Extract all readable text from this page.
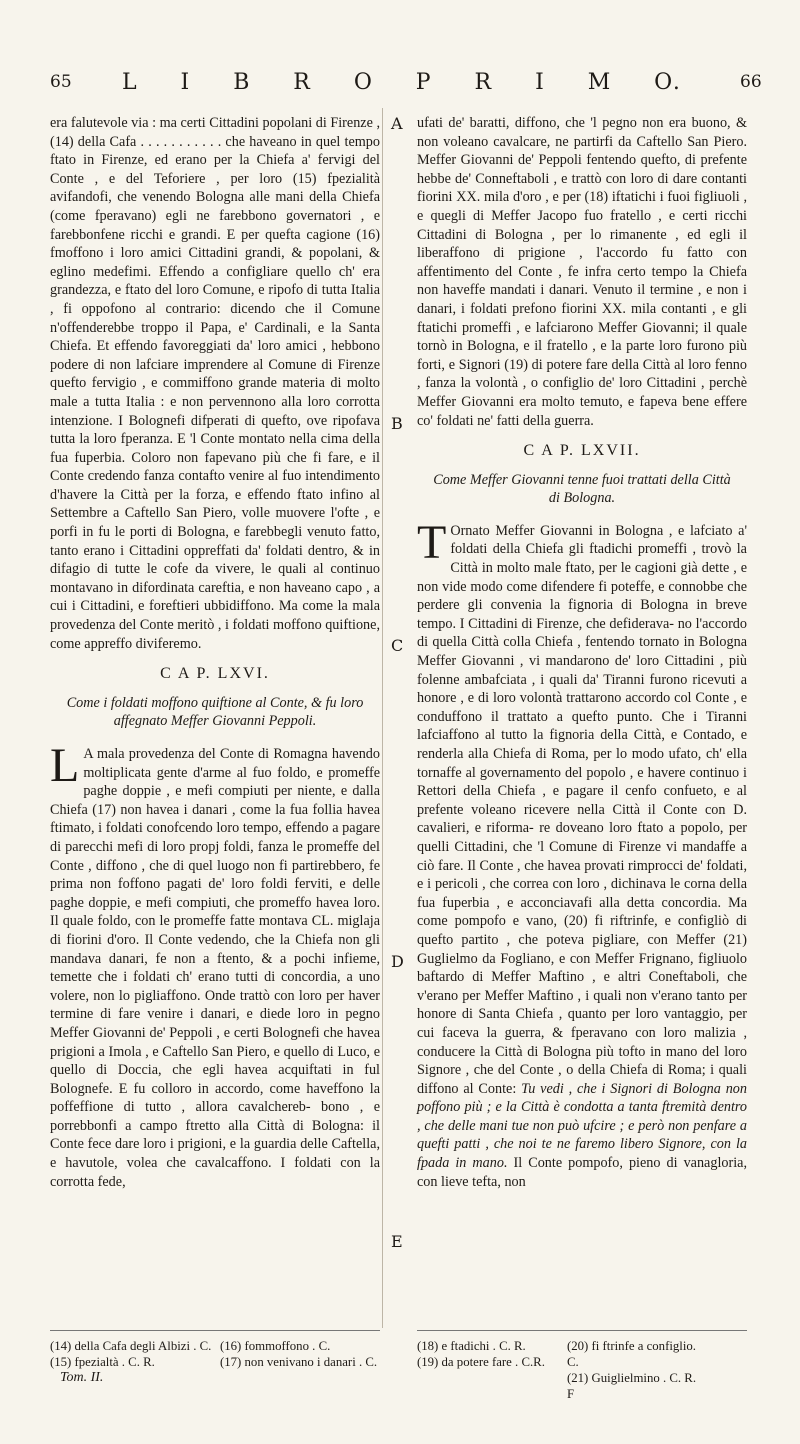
65 L I B R O P R I M O.	66
A
B
C
D
E

era falutevole via : ma certi Cittadini popolani di Firenze , (14) della Cafa . . . . . . . . . . . che haveano in quel tempo ftato in Firenze, ed erano per la Chiefa a' fervigi del Conte , e del Teforiere , per loro (15) fpezialità avifandofi, che venendo Bologna alle mani della Chiefa (come fperavano) egli ne farebbono governatori , e farebbonfene ricchi e grandi. E per quefta cagione (16) fmoffono i loro amici Cittadini grandi, & popolani, & eglino medefimi. Effendo a configliare quello ch' era grandezza, e ftato del loro Comune, e ripofo di tutta Italia , fi oppofono al contrario: dicendo che il Comune n'offenderebbe troppo il Papa, e' Cardinali, e la Santa Chiefa. Et effendo favoreggiati da' loro amici , hebbono podere di non lafciare imprendere al Comune di Firenze quefto fervigio , e commiffono grande materia di molto male a tutta Italia : e non pervennono alla loro corrotta intenzione. I Bolognefi difperati di quefto, ove ripofava tutta la loro fperanza. E 'l Conte montato nella cima della fua fuperbia. Coloro non fapevano più che fi fare, e il Conte credendo fanza contafto venire al fuo intendimento d'havere la Città per la forza, e effendo ftato infino al Settembre a Caftello San Piero, volle muovere l'ofte , e porfi in fu le porti di Bologna, e farebbegli venuto fatto, tanto erano i Cittadini oppreffati da' foldati dentro, & in difagio di tutte le cofe da vivere, le quali al continuo montavano in difordinata careftia, e non haveano capo , a cui i Cittadini, e foreftieri ubbidiffono. Ma come la mala provedenza del Conte meritò , i foldati moffono quiftione, come appreffo diviferemo.

C A P. LXVI.

Come i foldati moffono quiftione al Conte, & fu loro affegnato Meffer Giovanni Peppoli.

L A mala provedenza del Conte di Romagna havendo moltiplicata gente d'arme al fuo foldo, e promeffe paghe doppie , e mefi compiuti per niente, e dalla Chiefa (17) non havea i danari , come la fua follia havea ftimato, i foldati conofcendo loro tempo, effendo a pagare di parecchi mefi di loro propj foldi, fanza le promeffe del Conte , diffono , che di quel luogo non fi partirebbero, fe prima non foffono pagati de' loro foldi ferviti, e delle paghe doppie, e mefi compiuti, che promeffo havea loro. Il quale foldo, con le promeffe fatte montava CL. miglaja di fiorini d'oro. Il Conte vedendo, che la Chiefa non gli mandava danari, fe non a ftento, & a pochi infieme, temette che i foldati ch' erano tutti di concordia, a uno volere, non lo pigliaffono. Onde trattò con loro per haver termine di fare venire i danari, e diede loro in pegno Meffer Giovanni de' Peppoli , e certi Bolognefi che havea prigioni a Imola , e Caftello San Piero, e quello di Luco, e quello di Doccia, che egli havea acquiftati in ful Bolognefe. E fu colloro in accordo, come haveffono la poffeffione di tutto , allora cavalchereb- bono , e porrebbonfi a campo ftretto alla Città di Bologna: il Conte fece dare loro i prigioni, e la guardia delle Caftella, e havutole, volea che cavalcaffono. I foldati con la corrotta fede,

ufati de' baratti, diffono, che 'l pegno non era buono, & non voleano cavalcare, ne partirfi da Caftello San Piero. Meffer Giovanni de' Peppoli fentendo quefto, di prefente hebbe de' Conneftaboli , e trattò con loro di dare contanti fiorini XX. mila d'oro , e per (18) iftatichi i fuoi figliuoli , e quegli di Meffer Jacopo fuo fratello , e certi ricchi Cittadini di Bologna , per lo rimanente , ed egli il liberaffono di prigione , l'accordo fu fatto con affentimento del Conte , fe infra certo tempo la Chiefa non haveffe mandati i danari. Venuto il termine , e non i danari, i foldati prefono fiorini XX. mila contanti , e gli ftatichi promeffi , e lafciarono Meffer Giovanni; il quale tornò in Bologna, e il fratello , e la parte loro furono più forti, e Signori (19) di potere fare della Città al loro fenno , fanza la volontà , o configlio de' loro Cittadini , perchè Meffer Giovanni era molto temuto, e fapeva bene effere co' foldati ne' fatti della guerra.

C A P. LXVII.

Come Meffer Giovanni tenne fuoi trattati della Città di Bologna.

T Ornato Meffer Giovanni in Bologna , e lafciato a' foldati della Chiefa gli ftadichi promeffi , trovò la Città in molto male ftato, per le cagioni già dette , e non vide modo come difendere fi poteffe, e connobbe che perdere gli convenia la fignoria di Bologna in breve tempo. I Cittadini di Firenze, che defiderava- no l'accordo di quella Città colla Chiefa , fentendo tornato in Bologna Meffer Giovanni , vi mandarono de' loro Cittadini , più folenne ambafciata , i quali da' Tiranni furono ricevuti a honore , e di loro volontà trattarono accordo col Conte , e conduffono il trattato a quefto punto. Che i Tiranni lafciaffono al tutto la fignoria della Città, e Contado, e renderla alla Chiefa di Roma, per lo modo ufato, ch' ella tornaffe al governamento del popolo , e havere continuo i Rettori della Chiefa , e pagare il cenfo confueto, e al prefente voleano ricevere nella Città il Conte con D. cavalieri, e riforma- re doveano loro ftato a popolo, per quelli Cittadini, che 'l Comune di Firenze vi mandaffe a ciò fare. Il Conte , che havea provati rimprocci de' foldati, e i pericoli , che correa con loro , dichinava le corna della fua fuperbia , e acconciavafi alla detta concordia. Ma come pompofo e vano, (20) fi riftrinfe, e configliò di quefto partito , che poteva pigliare, con Meffer (21) Guglielmo da Fogliano, e con Meffer Frignano, figliuolo baftardo di Meffer Maftino , e altri Coneftaboli, che v'erano per Meffer Maftino , i quali non v'erano tanto per honore di Santa Chiefa , quanto per loro vantaggio, per cui faceva la guerra, & fperavano con loro malizia , conducere la Città di Bologna più tofto in mano del loro Signore , che del Conte , o della Chiefa di Roma; i quali diffono al Conte: Tu vedi , che i Signori di Bologna non poffono più ; e la Città è condotta a tanta ftremità dentro , che delle mani tue non può ufcire ; e però non penfare a quefti patti , che noi te ne faremo libero Signore, con la fpada in mano. Il Conte pompofo, pieno di vanagloria, con lieve tefta, non

(14) della Cafa degli Albizi . C. (16) fommoffono . C.
(15) fpezialtà . C. R.	(17) non venivano i danari . C.
Tom. II.
(18) e ftadichi . C. R.	(20) fi ftrinfe a configlio.
(19) da potere fare . C.R.	C.
(21) Guiglielmino . C. R.
F
